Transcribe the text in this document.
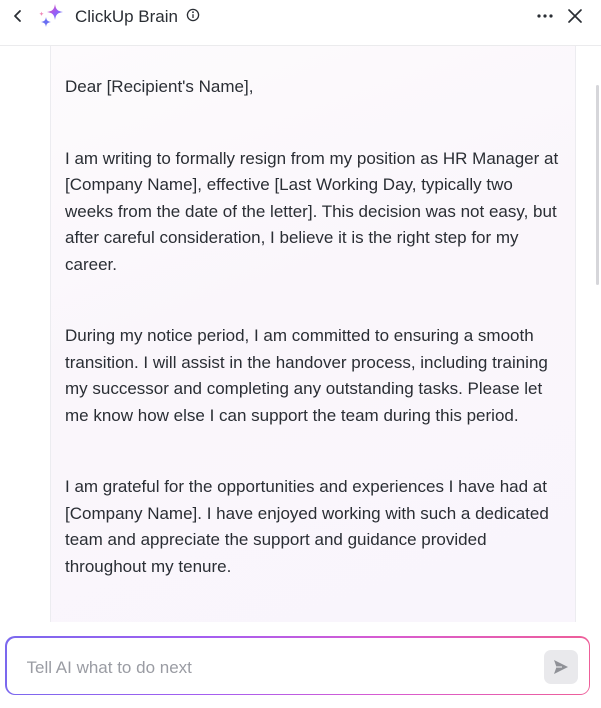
ClickUp Brain

Dear [Recipient's Name],

I am writing to formally resign from my position as HR Manager at [Company Name], effective [Last Working Day, typically two weeks from the date of the letter]. This decision was not easy, but after careful consideration, I believe it is the right step for my career.

During my notice period, I am committed to ensuring a smooth transition. I will assist in the handover process, including training my successor and completing any outstanding tasks. Please let me know how else I can support the team during this period.

I am grateful for the opportunities and experiences I have had at [Company Name]. I have enjoyed working with such a dedicated team and appreciate the support and guidance provided throughout my tenure.

Tell AI what to do next
